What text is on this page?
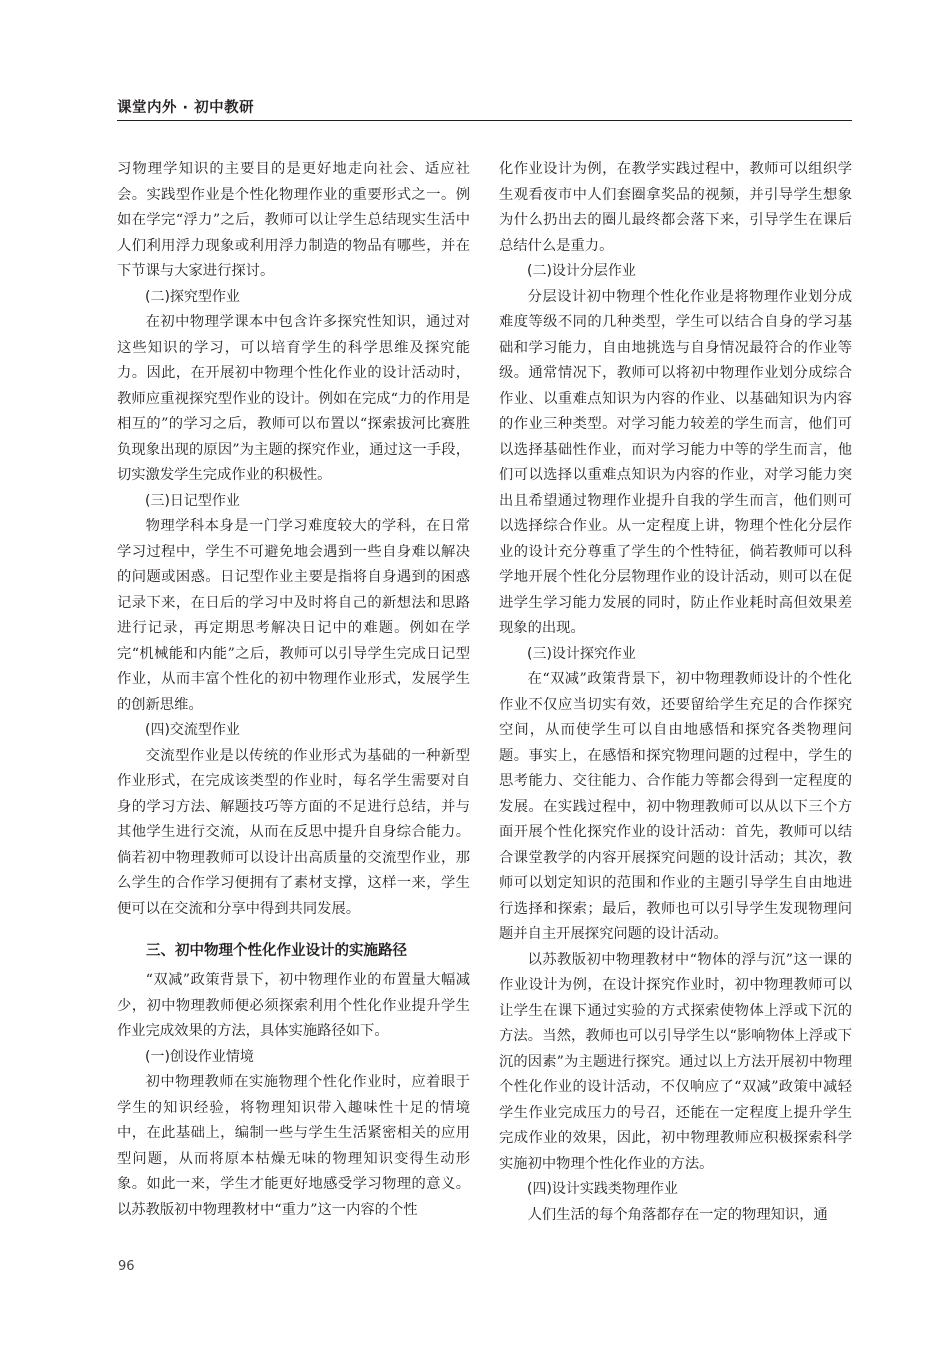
课堂内外 · 初中教研

习物理学知识的主要目的是更好地走向社会、适应社会。实践型作业是个性化物理作业的重要形式之一。例如在学完“浮力”之后，教师可以让学生总结现实生活中人们利用浮力现象或利用浮力制造的物品有哪些，并在下节课与大家进行探讨。

(二)探究型作业

在初中物理学课本中包含许多探究性知识，通过对这些知识的学习，可以培育学生的科学思维及探究能力。因此，在开展初中物理个性化作业的设计活动时，教师应重视探究型作业的设计。例如在完成“力的作用是相互的”的学习之后，教师可以布置以“探索拔河比赛胜负现象出现的原因”为主题的探究作业，通过这一手段，切实激发学生完成作业的积极性。

(三)日记型作业

物理学科本身是一门学习难度较大的学科，在日常学习过程中，学生不可避免地会遇到一些自身难以解决的问题或困惑。日记型作业主要是指将自身遇到的困惑记录下来，在日后的学习中及时将自己的新想法和思路进行记录，再定期思考解决日记中的难题。例如在学完“机械能和内能”之后，教师可以引导学生完成日记型作业，从而丰富个性化的初中物理作业形式，发展学生的创新思维。

(四)交流型作业

交流型作业是以传统的作业形式为基础的一种新型作业形式，在完成该类型的作业时，每名学生需要对自身的学习方法、解题技巧等方面的不足进行总结，并与其他学生进行交流，从而在反思中提升自身综合能力。倘若初中物理教师可以设计出高质量的交流型作业，那么学生的合作学习便拥有了素材支撑，这样一来，学生便可以在交流和分享中得到共同发展。

三、初中物理个性化作业设计的实施路径

“双减”政策背景下，初中物理作业的布置量大幅减少，初中物理教师便必须探索利用个性化作业提升学生作业完成效果的方法，具体实施路径如下。

(一)创设作业情境

初中物理教师在实施物理个性化作业时，应着眼于学生的知识经验，将物理知识带入趣味性十足的情境中，在此基础上，编制一些与学生生活紧密相关的应用型问题，从而将原本枯燥无味的物理知识变得生动形象。如此一来，学生才能更好地感受学习物理的意义。以苏教版初中物理教材中“重力”这一内容的个性

化作业设计为例，在教学实践过程中，教师可以组织学生观看夜市中人们套圈拿奖品的视频，并引导学生想象为什么扔出去的圈儿最终都会落下来，引导学生在课后总结什么是重力。

(二)设计分层作业

分层设计初中物理个性化作业是将物理作业划分成难度等级不同的几种类型，学生可以结合自身的学习基础和学习能力，自由地挑选与自身情况最符合的作业等级。通常情况下，教师可以将初中物理作业划分成综合作业、以重难点知识为内容的作业、以基础知识为内容的作业三种类型。对学习能力较差的学生而言，他们可以选择基础性作业，而对学习能力中等的学生而言，他们可以选择以重难点知识为内容的作业，对学习能力突出且希望通过物理作业提升自我的学生而言，他们则可以选择综合作业。从一定程度上讲，物理个性化分层作业的设计充分尊重了学生的个性特征，倘若教师可以科学地开展个性化分层物理作业的设计活动，则可以在促进学生学习能力发展的同时，防止作业耗时高但效果差现象的出现。

(三)设计探究作业

在“双减”政策背景下，初中物理教师设计的个性化作业不仅应当切实有效，还要留给学生充足的合作探究空间，从而使学生可以自由地感悟和探究各类物理问题。事实上，在感悟和探究物理问题的过程中，学生的思考能力、交往能力、合作能力等都会得到一定程度的发展。在实践过程中，初中物理教师可以从以下三个方面开展个性化探究作业的设计活动：首先，教师可以结合课堂教学的内容开展探究问题的设计活动；其次，教师可以划定知识的范围和作业的主题引导学生自由地进行选择和探索；最后，教师也可以引导学生发现物理问题并自主开展探究问题的设计活动。

以苏教版初中物理教材中“物体的浮与沉”这一课的作业设计为例，在设计探究作业时，初中物理教师可以让学生在课下通过实验的方式探索使物体上浮或下沉的方法。当然，教师也可以引导学生以“影响物体上浮或下沉的因素”为主题进行探究。通过以上方法开展初中物理个性化作业的设计活动，不仅响应了“双减”政策中减轻学生作业完成压力的号召，还能在一定程度上提升学生完成作业的效果，因此，初中物理教师应积极探索科学实施初中物理个性化作业的方法。

(四)设计实践类物理作业

人们生活的每个角落都存在一定的物理知识，通

96
